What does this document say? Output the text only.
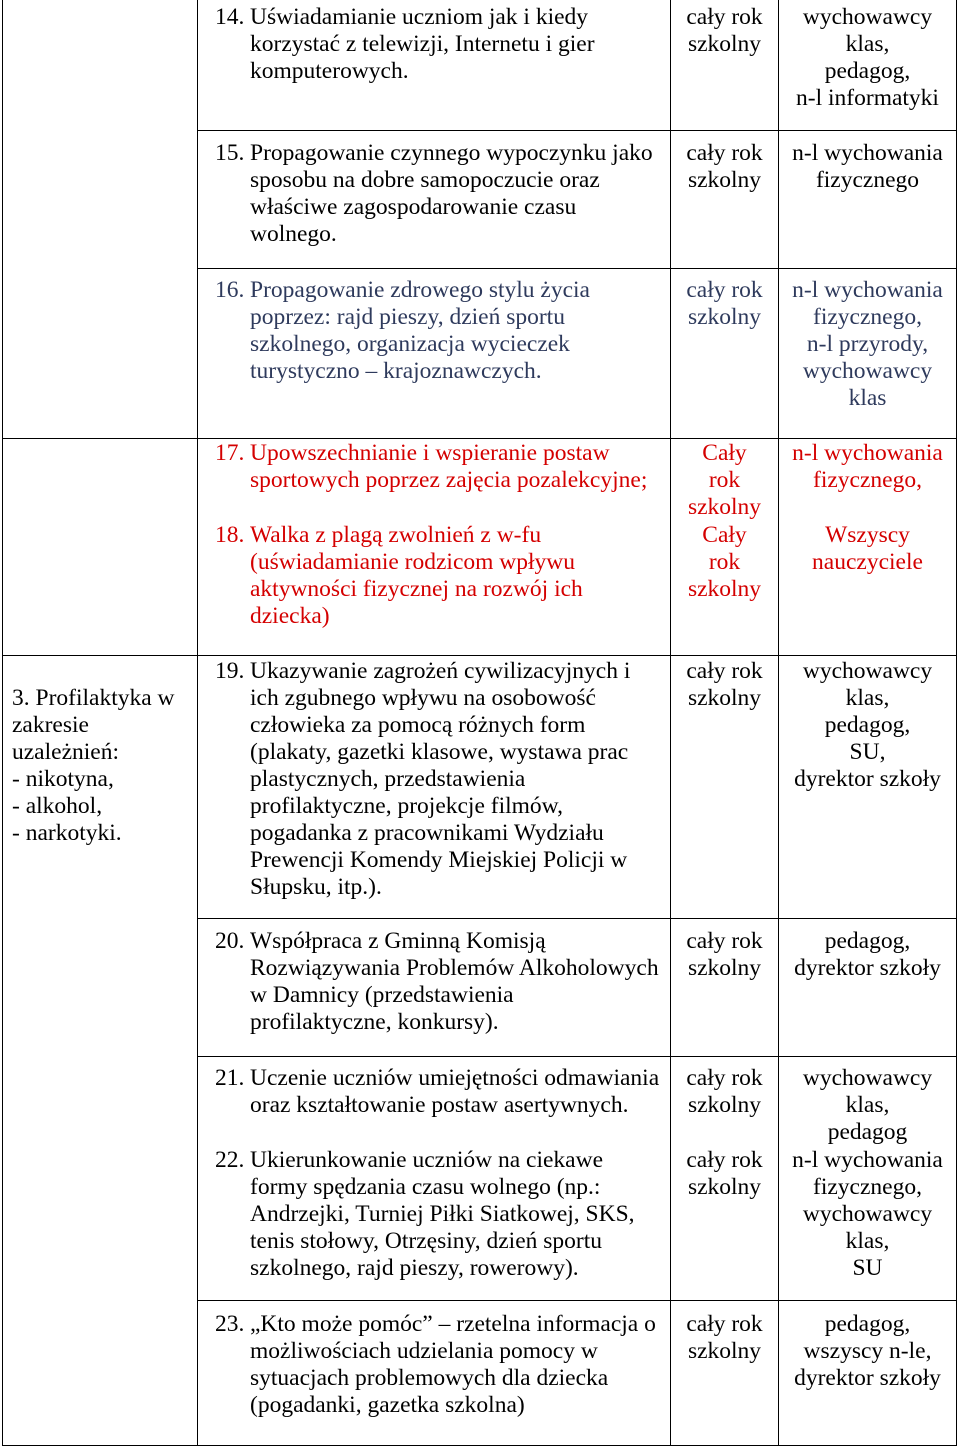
3. Profilaktyka w
zakresie
uzależnień:
- nikotyna,
- alkohol,
- narkotyki.
14. Uświadamianie uczniom jak i kiedy
korzystać z telewizji, Internetu i gier
komputerowych.
cały rok
szkolny
wychowawcy
klas,
pedagog,
n-l informatyki
15. Propagowanie czynnego wypoczynku jako
sposobu na dobre samopoczucie oraz
właściwe zagospodarowanie czasu
wolnego.
cały rok
szkolny
n-l wychowania
fizycznego
16. Propagowanie zdrowego stylu życia
poprzez: rajd pieszy, dzień sportu
szkolnego, organizacja wycieczek
turystyczno – krajoznawczych.
cały rok
szkolny
n-l wychowania
fizycznego,
n-l przyrody,
wychowawcy
klas
17. Upowszechnianie i wspieranie postaw
sportowych poprzez zajęcia pozalekcyjne;
Cały
rok
szkolny
n-l wychowania
fizycznego,
18. Walka z plagą zwolnień z w-fu
(uświadamianie rodzicom wpływu
aktywności fizycznej na rozwój ich
dziecka)
Cały
rok
szkolny
Wszyscy
nauczyciele
19. Ukazywanie zagrożeń cywilizacyjnych i
ich zgubnego wpływu na osobowość
człowieka za pomocą różnych form
(plakaty, gazetki klasowe, wystawa prac
plastycznych, przedstawienia
profilaktyczne, projekcje filmów,
pogadanka z pracownikami Wydziału
Prewencji Komendy Miejskiej Policji w
Słupsku, itp.).
cały rok
szkolny
wychowawcy
klas,
pedagog,
SU,
dyrektor szkoły
20. Współpraca z Gminną Komisją
Rozwiązywania Problemów Alkoholowych
w Damnicy (przedstawienia
profilaktyczne, konkursy).
cały rok
szkolny
pedagog,
dyrektor szkoły
21. Uczenie uczniów umiejętności odmawiania
oraz kształtowanie postaw asertywnych.
cały rok
szkolny
wychowawcy
klas,
pedagog
22. Ukierunkowanie uczniów na ciekawe
formy spędzania czasu wolnego (np.:
Andrzejki, Turniej Piłki Siatkowej, SKS,
tenis stołowy, Otrzęsiny, dzień sportu
szkolnego, rajd pieszy, rowerowy).
cały rok
szkolny
n-l wychowania
fizycznego,
wychowawcy
klas,
SU
23. „Kto może pomóc” – rzetelna informacja o
możliwościach udzielania pomocy w
sytuacjach problemowych dla dziecka
(pogadanki, gazetka szkolna)
cały rok
szkolny
pedagog,
wszyscy n-le,
dyrektor szkoły
